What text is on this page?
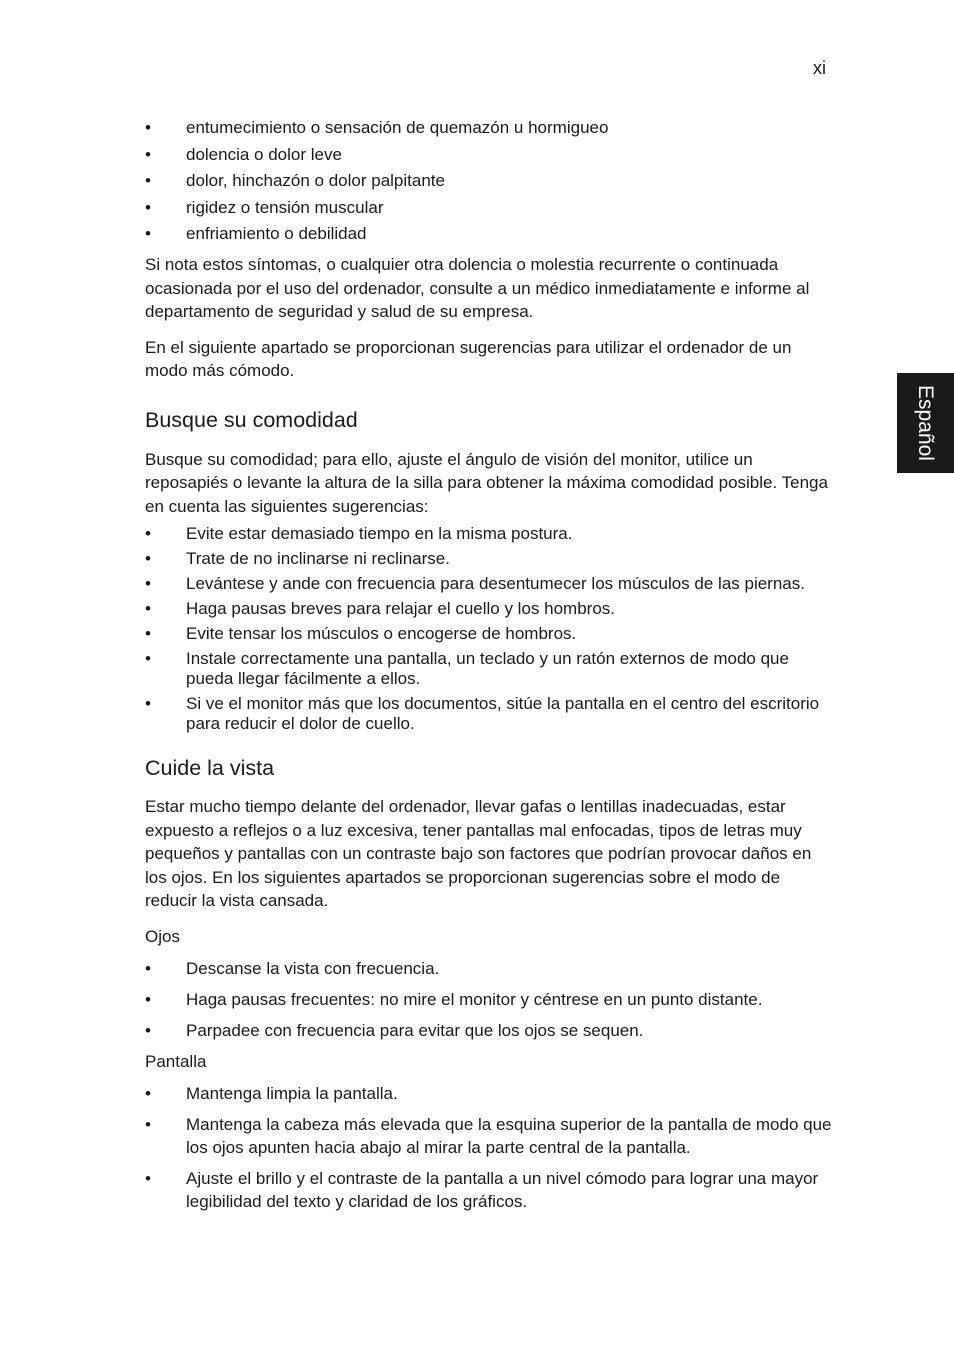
xi
Español
• entumecimiento o sensación de quemazón u hormigueo
• dolencia o dolor leve
• dolor, hinchazón o dolor palpitante
• rigidez o tensión muscular
• enfriamiento o debilidad

Si nota estos síntomas, o cualquier otra dolencia o molestia recurrente o continuada ocasionada por el uso del ordenador, consulte a un médico inmediatamente e informe al departamento de seguridad y salud de su empresa.

En el siguiente apartado se proporcionan sugerencias para utilizar el ordenador de un modo más cómodo.

Busque su comodidad

Busque su comodidad; para ello, ajuste el ángulo de visión del monitor, utilice un reposapiés o levante la altura de la silla para obtener la máxima comodidad posible. Tenga en cuenta las siguientes sugerencias:

• Evite estar demasiado tiempo en la misma postura.
• Trate de no inclinarse ni reclinarse.
• Levántese y ande con frecuencia para desentumecer los músculos de las piernas.
• Haga pausas breves para relajar el cuello y los hombros.
• Evite tensar los músculos o encogerse de hombros.
• Instale correctamente una pantalla, un teclado y un ratón externos de modo que pueda llegar fácilmente a ellos.
• Si ve el monitor más que los documentos, sitúe la pantalla en el centro del escritorio para reducir el dolor de cuello.
Cuide la vista

Estar mucho tiempo delante del ordenador, llevar gafas o lentillas inadecuadas, estar expuesto a reflejos o a luz excesiva, tener pantallas mal enfocadas, tipos de letras muy pequeños y pantallas con un contraste bajo son factores que podrían provocar daños en los ojos. En los siguientes apartados se proporcionan sugerencias sobre el modo de reducir la vista cansada.

Ojos
• Descanse la vista con frecuencia.
• Haga pausas frecuentes: no mire el monitor y céntrese en un punto distante.
• Parpadee con frecuencia para evitar que los ojos se sequen.
Pantalla
• Mantenga limpia la pantalla.
• Mantenga la cabeza más elevada que la esquina superior de la pantalla de modo que los ojos apunten hacia abajo al mirar la parte central de la pantalla.
• Ajuste el brillo y el contraste de la pantalla a un nivel cómodo para lograr una mayor legibilidad del texto y claridad de los gráficos.
